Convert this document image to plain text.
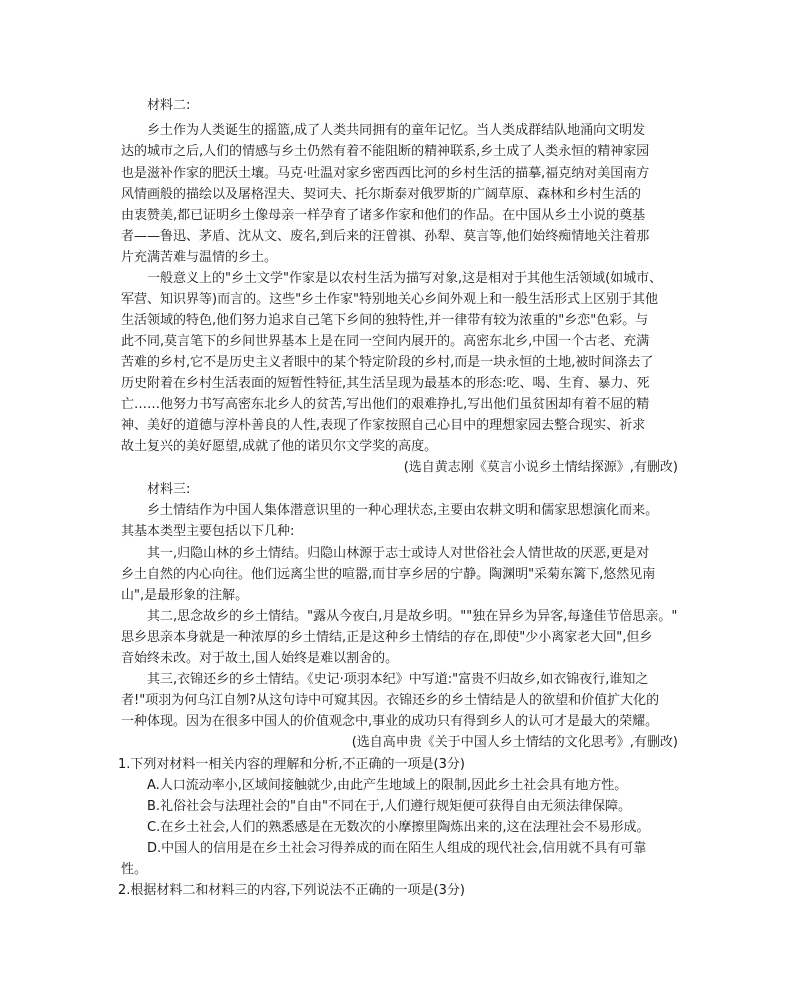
材料二:
乡土作为人类诞生的摇篮,成了人类共同拥有的童年记忆。当人类成群结队地涌向文明发
达的城市之后,人们的情感与乡土仍然有着不能阻断的精神联系,乡土成了人类永恒的精神家园
也是滋补作家的肥沃土壤。马克·吐温对家乡密西西比河的乡村生活的描摹,福克纳对美国南方
风情画般的描绘以及屠格涅夫、契诃夫、托尔斯泰对俄罗斯的广阔草原、森林和乡村生活的
由衷赞美,都已证明乡土像母亲一样孕育了诸多作家和他们的作品。在中国从乡土小说的奠基
者——鲁迅、茅盾、沈从文、废名,到后来的汪曾祺、孙犁、莫言等,他们始终痴情地关注着那
片充满苦难与温情的乡土。
一般意义上的"乡土文学"作家是以农村生活为描写对象,这是相对于其他生活领域(如城市、
军营、知识界等)而言的。这些"乡土作家"特别地关心乡间外观上和一般生活形式上区别于其他
生活领域的特色,他们努力追求自己笔下乡间的独特性,并一律带有较为浓重的"乡恋"色彩。与
此不同,莫言笔下的乡间世界基本上是在同一空间内展开的。高密东北乡,中国一个古老、充满
苦难的乡村,它不是历史主义者眼中的某个特定阶段的乡村,而是一块永恒的土地,被时间涤去了
历史附着在乡村生活表面的短暂性特征,其生活呈现为最基本的形态:吃、喝、生育、暴力、死
亡……他努力书写高密东北乡人的贫苦,写出他们的艰难挣扎,写出他们虽贫困却有着不屈的精
神、美好的道德与淳朴善良的人性,表现了作家按照自己心目中的理想家园去整合现实、祈求
故土复兴的美好愿望,成就了他的诺贝尔文学奖的高度。
(选自黄志刚《莫言小说乡土情结探源》,有删改)
材料三:
乡土情结作为中国人集体潜意识里的一种心理状态,主要由农耕文明和儒家思想演化而来。
其基本类型主要包括以下几种:
其一,归隐山林的乡土情结。归隐山林源于志士或诗人对世俗社会人情世故的厌恶,更是对
乡土自然的内心向往。他们远离尘世的喧嚣,而甘享乡居的宁静。陶渊明"采菊东篱下,悠然见南
山",是最形象的注解。
其二,思念故乡的乡土情结。"露从今夜白,月是故乡明。""独在异乡为异客,每逢佳节倍思亲。"
思乡思亲本身就是一种浓厚的乡土情结,正是这种乡土情结的存在,即使"少小离家老大回",但乡
音始终未改。对于故土,国人始终是难以割舍的。
其三,衣锦还乡的乡土情结。《史记·项羽本纪》中写道:"富贵不归故乡,如衣锦夜行,谁知之
者!"项羽为何乌江自刎?从这句诗中可窥其因。衣锦还乡的乡土情结是人的欲望和价值扩大化的
一种体现。因为在很多中国人的价值观念中,事业的成功只有得到乡人的认可才是最大的荣耀。
(选自高申贵《关于中国人乡土情结的文化思考》,有删改)
1.下列对材料一相关内容的理解和分析,不正确的一项是(3分)
A.人口流动率小,区域间接触就少,由此产生地域上的限制,因此乡土社会具有地方性。
B.礼俗社会与法理社会的"自由"不同在于,人们遵行规矩便可获得自由无须法律保障。
C.在乡土社会,人们的熟悉感是在无数次的小摩擦里陶炼出来的,这在法理社会不易形成。
D.中国人的信用是在乡土社会习得养成的而在陌生人组成的现代社会,信用就不具有可靠
性。
2.根据材料二和材料三的内容,下列说法不正确的一项是(3分)
